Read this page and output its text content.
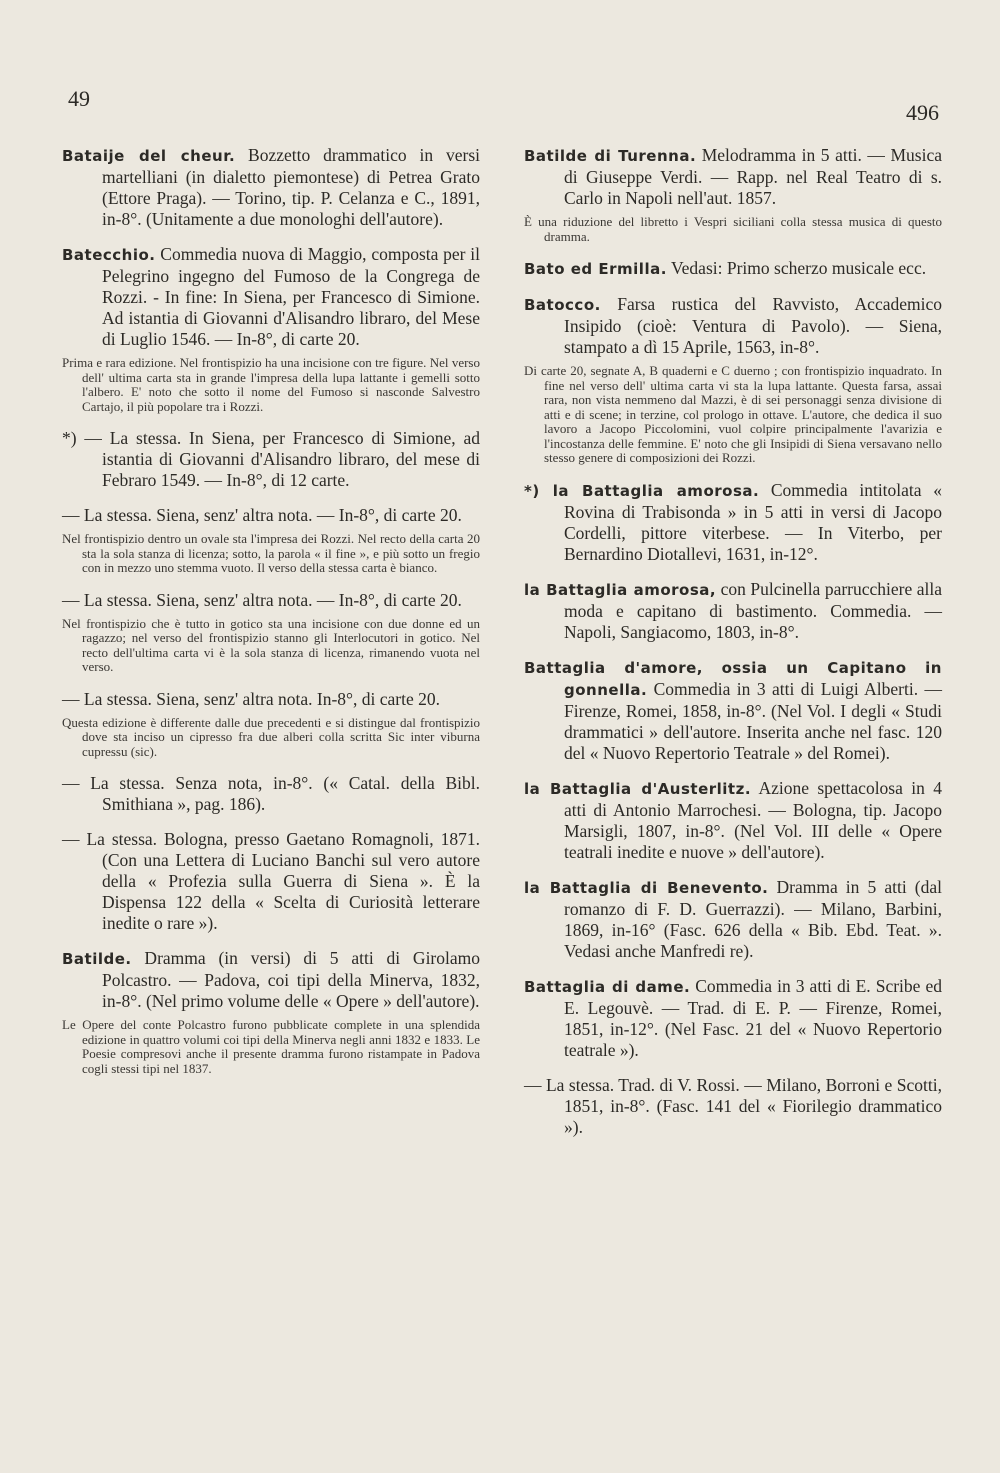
49
496

Bataije del cheur. Bozzetto drammatico in versi martelliani (in dialetto piemontese) di Petrea Grato (Ettore Praga). — Torino, tip. P. Celanza e C., 1891, in-8°. (Unitamente a due monologhi dell'autore).

Batecchio. Commedia nuova di Maggio, composta per il Pelegrino ingegno del Fumoso de la Congrega de Rozzi. - In fine: In Siena, per Francesco di Simione. Ad istantia di Giovanni d'Alisandro libraro, del Mese di Luglio 1546. — In-8°, di carte 20.

Prima e rara edizione. Nel frontispizio ha una incisione con tre figure. Nel verso dell' ultima carta sta in grande l'impresa della lupa lattante i gemelli sotto l'albero. E' noto che sotto il nome del Fumoso si nasconde Salvestro Cartajo, il più popolare tra i Rozzi.

*) — La stessa. In Siena, per Francesco di Simione, ad istantia di Giovanni d'Alisandro libraro, del mese di Febraro 1549. — In-8°, di 12 carte.

— La stessa. Siena, senz' altra nota. — In-8°, di carte 20.

Nel frontispizio dentro un ovale sta l'impresa dei Rozzi. Nel recto della carta 20 sta la sola stanza di licenza; sotto, la parola « il fine », e più sotto un fregio con in mezzo uno stemma vuoto. Il verso della stessa carta è bianco.

— La stessa. Siena, senz' altra nota. — In-8°, di carte 20.

Nel frontispizio che è tutto in gotico sta una incisione con due donne ed un ragazzo; nel verso del frontispizio stanno gli Interlocutori in gotico. Nel recto dell'ultima carta vi è la sola stanza di licenza, rimanendo vuota nel verso.

— La stessa. Siena, senz' altra nota. In-8°, di carte 20.

Questa edizione è differente dalle due precedenti e si distingue dal frontispizio dove sta inciso un cipresso fra due alberi colla scritta Sic inter viburna cupressu (sic).

— La stessa. Senza nota, in-8°. (« Catal. della Bibl. Smithiana », pag. 186).

— La stessa. Bologna, presso Gaetano Romagnoli, 1871. (Con una Lettera di Luciano Banchi sul vero autore della « Profezia sulla Guerra di Siena ». È la Dispensa 122 della « Scelta di Curiosità letterare inedite o rare »).

Batilde. Dramma (in versi) di 5 atti di Girolamo Polcastro. — Padova, coi tipi della Minerva, 1832, in-8°. (Nel primo volume delle « Opere » dell'autore).

Le Opere del conte Polcastro furono pubblicate complete in una splendida edizione in quattro volumi coi tipi della Minerva negli anni 1832 e 1833. Le Poesie compresovi anche il presente dramma furono ristampate in Padova cogli stessi tipi nel 1837.

Batilde di Turenna. Melodramma in 5 atti. — Musica di Giuseppe Verdi. — Rapp. nel Real Teatro di s. Carlo in Napoli nell'aut. 1857.

È una riduzione del libretto i Vespri siciliani colla stessa musica di questo dramma.

Bato ed Ermilla. Vedasi: Primo scherzo musicale ecc.

Batocco. Farsa rustica del Ravvisto, Accademico Insipido (cioè: Ventura di Pavolo). — Siena, stampato a dì 15 Aprile, 1563, in-8°.

Di carte 20, segnate A, B quaderni e C duerno ; con frontispizio inquadrato. In fine nel verso dell' ultima carta vi sta la lupa lattante. Questa farsa, assai rara, non vista nemmeno dal Mazzi, è di sei personaggi senza divisione di atti e di scene; in terzine, col prologo in ottave. L'autore, che dedica il suo lavoro a Jacopo Piccolomini, vuol colpire principalmente l'avarizia e l'incostanza delle femmine. E' noto che gli Insipidi di Siena versavano nello stesso genere di composizioni dei Rozzi.

*) la Battaglia amorosa. Commedia intitolata « Rovina di Trabisonda » in 5 atti in versi di Jacopo Cordelli, pittore viterbese. — In Viterbo, per Bernardino Diotallevi, 1631, in-12°.

la Battaglia amorosa, con Pulcinella parrucchiere alla moda e capitano di bastimento. Commedia. — Napoli, Sangiacomo, 1803, in-8°.

Battaglia d'amore, ossia un Capitano in gonnella. Commedia in 3 atti di Luigi Alberti. — Firenze, Romei, 1858, in-8°. (Nel Vol. I degli « Studi drammatici » dell'autore. Inserita anche nel fasc. 120 del « Nuovo Repertorio Teatrale » del Romei).

la Battaglia d'Austerlitz. Azione spettacolosa in 4 atti di Antonio Marrochesi. — Bologna, tip. Jacopo Marsigli, 1807, in-8°. (Nel Vol. III delle « Opere teatrali inedite e nuove » dell'autore).

la Battaglia di Benevento. Dramma in 5 atti (dal romanzo di F. D. Guerrazzi). — Milano, Barbini, 1869, in-16° (Fasc. 626 della « Bib. Ebd. Teat. ». Vedasi anche Manfredi re).

Battaglia di dame. Commedia in 3 atti di E. Scribe ed E. Legouvè. — Trad. di E. P. — Firenze, Romei, 1851, in-12°. (Nel Fasc. 21 del « Nuovo Repertorio teatrale »).

— La stessa. Trad. di V. Rossi. — Milano, Borroni e Scotti, 1851, in-8°. (Fasc. 141 del « Fiorilegio drammatico »).
